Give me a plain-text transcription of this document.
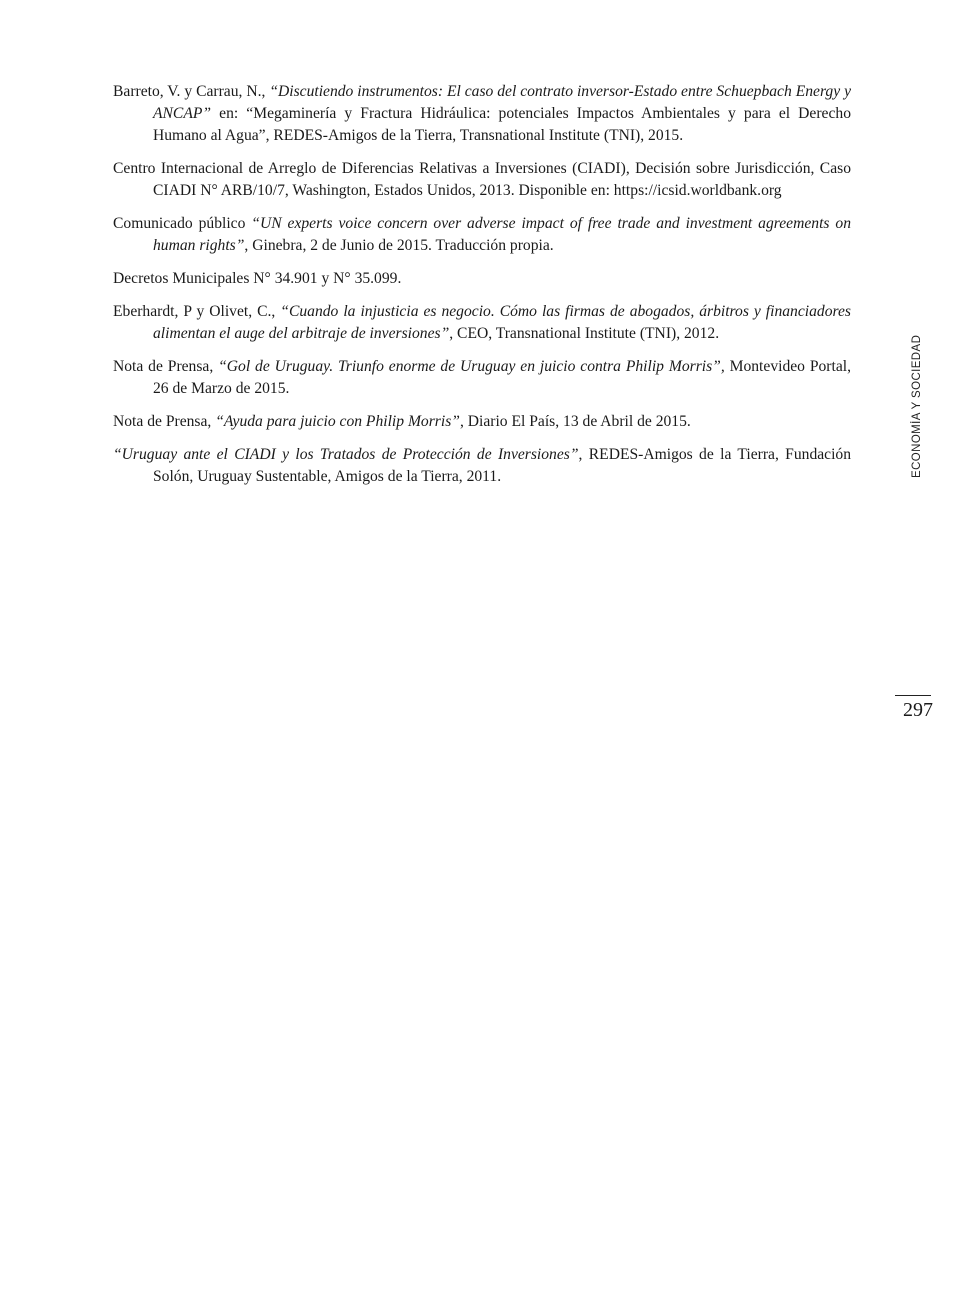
Barreto, V. y Carrau, N., “Discutiendo instrumentos: El caso del contrato inversor-Estado entre Schuepbach Energy y ANCAP” en: “Megaminería y Fractura Hidráulica: potenciales Impactos Ambientales y para el Derecho Humano al Agua”, REDES-Amigos de la Tierra, Transnational Institute (TNI), 2015.
Centro Internacional de Arreglo de Diferencias Relativas a Inversiones (CIADI), Decisión sobre Jurisdicción, Caso CIADI N° ARB/10/7, Washington, Estados Unidos, 2013. Disponible en: https://icsid.worldbank.org
Comunicado público “UN experts voice concern over adverse impact of free trade and investment agreements on human rights”, Ginebra, 2 de Junio de 2015. Traducción propia.
Decretos Municipales N° 34.901 y N° 35.099.
Eberhardt, P y Olivet, C., “Cuando la injusticia es negocio. Cómo las firmas de abogados, árbitros y financiadores alimentan el auge del arbitraje de inversiones”, CEO, Transnational Institute (TNI), 2012.
Nota de Prensa, “Gol de Uruguay. Triunfo enorme de Uruguay en juicio contra Philip Morris”, Montevideo Portal, 26 de Marzo de 2015.
Nota de Prensa, “Ayuda para juicio con Philip Morris”, Diario El País, 13 de Abril de 2015.
“Uruguay ante el CIADI y los Tratados de Protección de Inversiones”, REDES-Amigos de la Tierra, Fundación Solón, Uruguay Sustentable, Amigos de la Tierra, 2011.	ECONOMÍA Y SOCIEDAD
297
